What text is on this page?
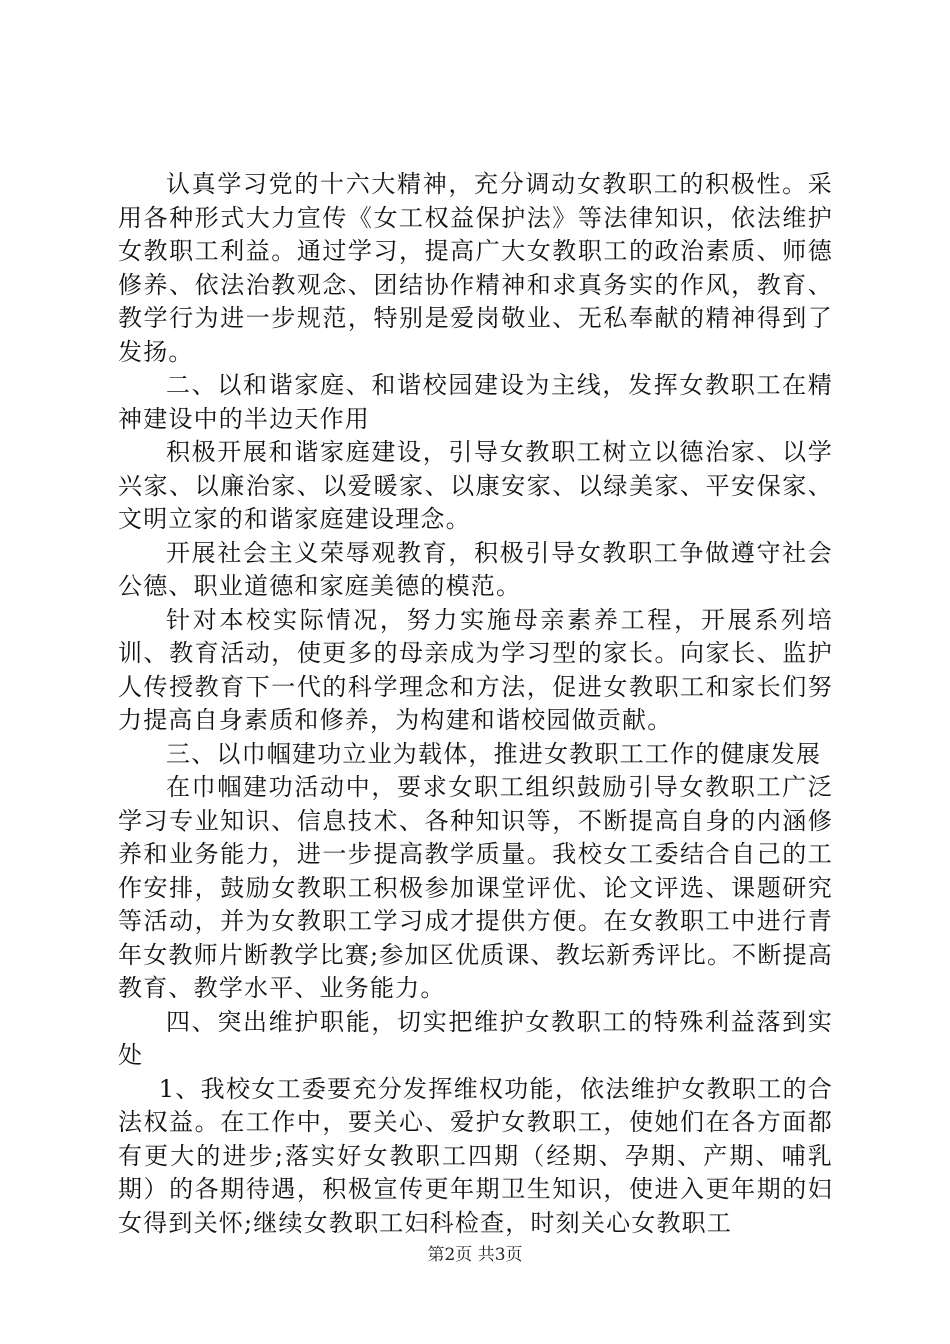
认真学习党的十六大精神，充分调动女教职工的积极性。采用各种形式大力宣传《女工权益保护法》等法律知识，依法维护女教职工利益。通过学习，提高广大女教职工的政治素质、师德修养、依法治教观念、团结协作精神和求真务实的作风，教育、教学行为进一步规范，特别是爱岗敬业、无私奉献的精神得到了发扬。

二、以和谐家庭、和谐校园建设为主线，发挥女教职工在精神建设中的半边天作用

积极开展和谐家庭建设，引导女教职工树立以德治家、以学兴家、以廉治家、以爱暖家、以康安家、以绿美家、平安保家、文明立家的和谐家庭建设理念。

开展社会主义荣辱观教育，积极引导女教职工争做遵守社会公德、职业道德和家庭美德的模范。

针对本校实际情况，努力实施母亲素养工程，开展系列培训、教育活动，使更多的母亲成为学习型的家长。向家长、监护人传授教育下一代的科学理念和方法，促进女教职工和家长们努力提高自身素质和修养，为构建和谐校园做贡献。

三、以巾帼建功立业为载体，推进女教职工工作的健康发展

在巾帼建功活动中，要求女职工组织鼓励引导女教职工广泛学习专业知识、信息技术、各种知识等，不断提高自身的内涵修养和业务能力，进一步提高教学质量。我校女工委结合自己的工作安排，鼓励女教职工积极参加课堂评优、论文评选、课题研究等活动，并为女教职工学习成才提供方便。在女教职工中进行青年女教师片断教学比赛;参加区优质课、教坛新秀评比。不断提高教育、教学水平、业务能力。

四、突出维护职能，切实把维护女教职工的特殊利益落到实处

1、我校女工委要充分发挥维权功能，依法维护女教职工的合法权益。在工作中，要关心、爱护女教职工，使她们在各方面都有更大的进步;落实好女教职工四期（经期、孕期、产期、哺乳期）的各期待遇，积极宣传更年期卫生知识，使进入更年期的妇女得到关怀;继续女教职工妇科检查，时刻关心女教职工

第2页 共3页
